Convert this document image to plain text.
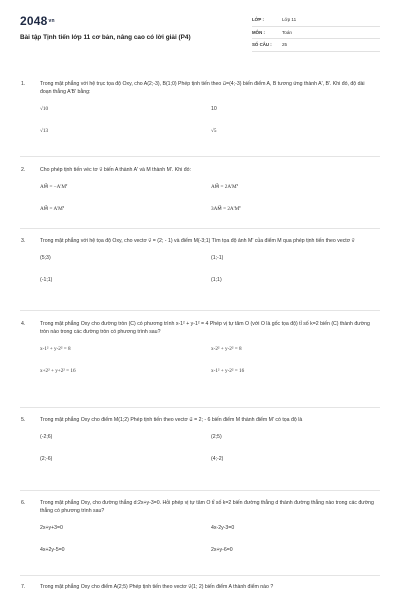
$2048^{vn}$
Bài tập Tịnh tiến lớp 11 cơ bản, nâng cao có lời giải (P4)
LỚP :	Lớp 11
MÔN :	Toán
SỐ CÂU :	25
1.	Trong mặt phẳng với hệ trục tọa độ Oxy, cho A(2;-3), B(1;0) Phép tịnh tiến theo u⃗=(4;-3) biến điểm A, B tương ứng thành A', B'. Khi đó, độ dài đoạn thẳng A'B' bằng:
√10	10
√13	√5
2.	Cho phép tịnh tiến véc tơ v⃗ biến A thành A' và M thành M'. Khi đó:
AM⃗ = −A'M'⃗	AM⃗ = 2A'M'⃗
AM⃗ = A'M'⃗	3AM⃗ = 2A'M'⃗
3.	Trong mặt phẳng với hệ tọa độ Oxy, cho vectơ v⃗ = (2; - 1) và điểm M(-3;1) Tìm tọa độ ảnh M' của điểm M qua phép tịnh tiến theo vectơ v⃗
(5;3)	(1;-1)
(-1;1)	(1;1)
4.	Trong mặt phẳng Oxy cho đường tròn (C) có phương trình x-1² + y-1² = 4 Phép vị tự tâm O (với O là gốc tọa độ) tỉ số k=2 biến (C) thành đường tròn nào trong các đường tròn có phương trình sau?
x-1² + y-2² = 8	x-2² + y-2² = 8
x+2² + y+2² = 16	x-1² + y-2² = 16
5.	Trong mặt phẳng Oxy cho điểm M(1;2) Phép tịnh tiến theo vectơ u⃗ = 2; - 6 biến điểm M thành điểm M' có tọa độ là
(-2;6)	(2;5)
(2;-6)	(4;-2)
6.	Trong mặt phẳng Oxy, cho đường thẳng d:2x+y-3=0. Hỏi phép vị tự tâm O tỉ số k=2 biến đường thẳng d thành đường thẳng nào trong các đường thẳng có phương trình sau?
2x+y+3=0	4x-2y-3=0
4x+2y-5=0	2x+y-6=0
7.	Trong mặt phẳng Oxy cho điểm A(2;5) Phép tịnh tiến theo vectơ v⃗(1; 2) biến điểm A thành điểm nào ?
